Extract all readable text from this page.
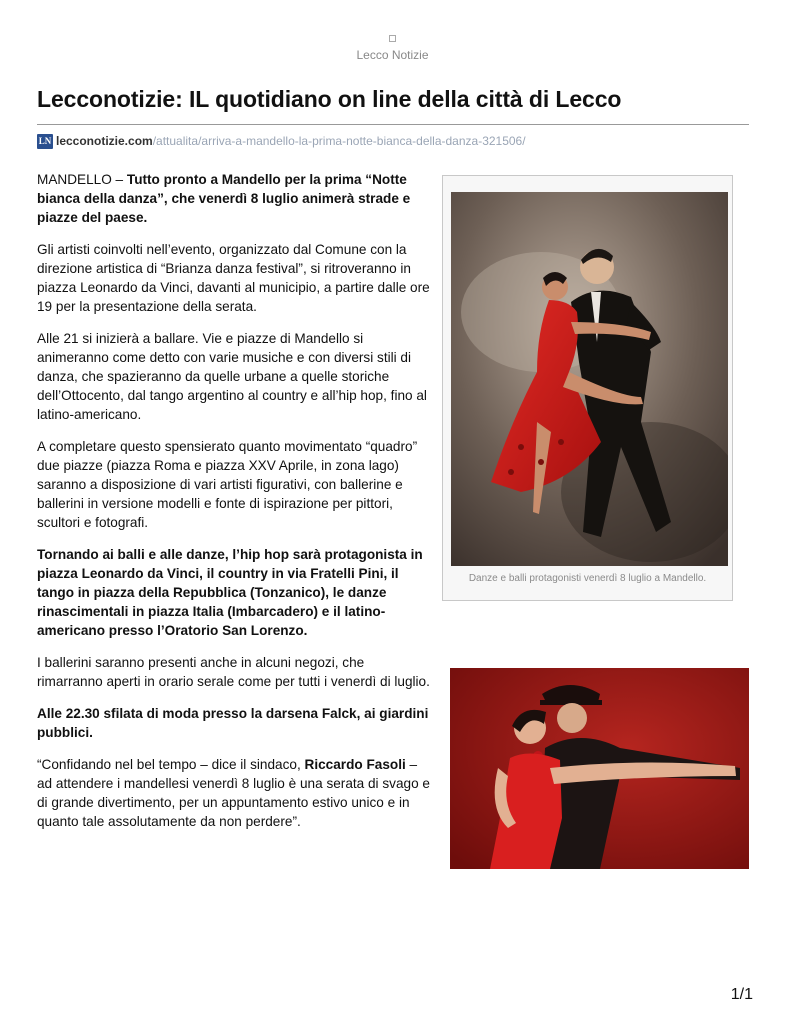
Lecco Notizie
Lecconotizie: IL quotidiano on line della città di Lecco
LN lecconotizie.com /attualita/arriva-a-mandello-la-prima-notte-bianca-della-danza-321506/

MANDELLO – Tutto pronto a Mandello per la prima “Notte bianca della danza”, che venerdì 8 luglio animerà strade e piazze del paese.

Gli artisti coinvolti nell’evento, organizzato dal Comune con la direzione artistica di “Brianza danza festival”, si ritroveranno in piazza Leonardo da Vinci, davanti al municipio, a partire dalle ore 19 per la presentazione della serata.

Alle 21 si inizierà a ballare. Vie e piazze di Mandello si animeranno come detto con varie musiche e con diversi stili di danza, che spazieranno da quelle urbane a quelle storiche dell’Ottocento, dal tango argentino al country e all’hip hop, fino al latino-americano.

A completare questo spensierato quanto movimentato “quadro” due piazze (piazza Roma e piazza XXV Aprile, in zona lago) saranno a disposizione di vari artisti figurativi, con ballerine e ballerini in versione modelli e fonte di ispirazione per pittori, scultori e fotografi.

Tornando ai balli e alle danze, l’hip hop sarà protagonista in piazza Leonardo da Vinci, il country in via Fratelli Pini, il tango in piazza della Repubblica (Tonzanico), le danze rinascimentali in piazza Italia (Imbarcadero) e il latino-americano presso l’Oratorio San Lorenzo.

I ballerini saranno presenti anche in alcuni negozi, che rimarranno aperti in orario serale come per tutti i venerdì di luglio.

Alle 22.30 sfilata di moda presso la darsena Falck, ai giardini pubblici.

“Confidando nel bel tempo – dice il sindaco, Riccardo Fasoli – ad attendere i mandellesi venerdì 8 luglio è una serata di svago e di grande divertimento, per un appuntamento estivo unico e in quanto tale assolutamente da non perdere”.

Danze e balli protagonisti venerdì 8 luglio a Mandello.
1/1
